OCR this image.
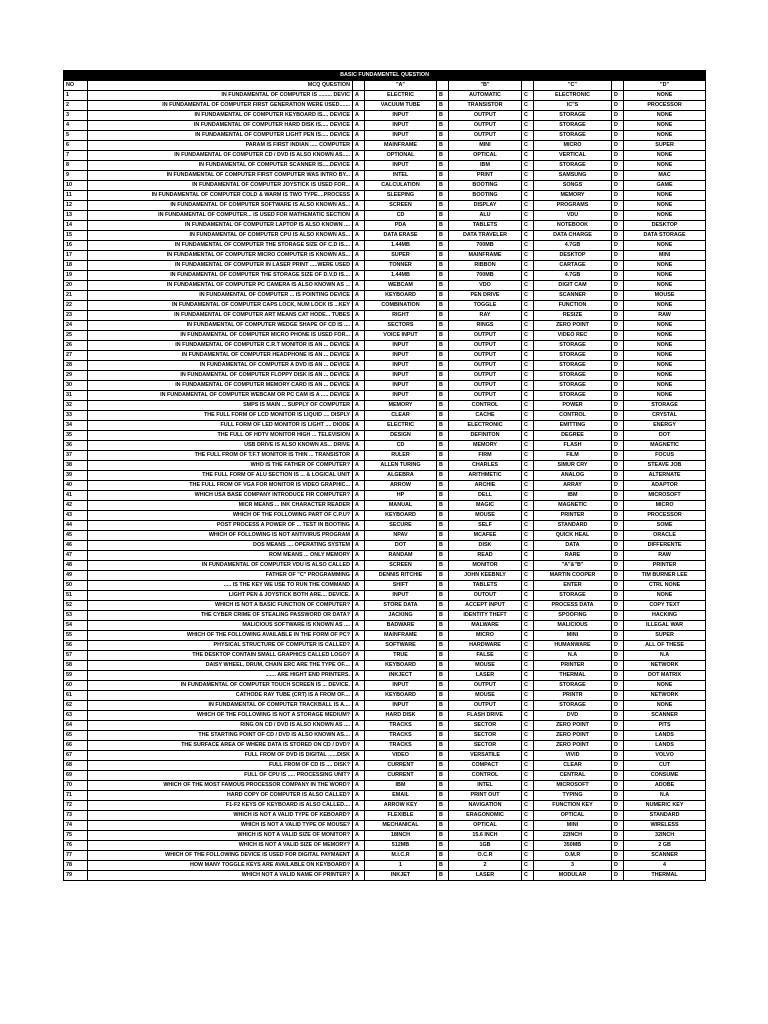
BASIC FUNDAMENTEL QUESTION									
NO	MCQ QUESTION		"A"		"B"		"C"		"D"
1	IN FUNDAMENTAL OF COMPUTER IS ......... DEVIC	A	ELECTRIC	B	AUTOMATIC	C	ELECTRONIC	D	NONE
2	IN FUNDAMENTAL OF COMPUTER FIRST GENERATION WERE USED.......	A	VACUUM TUBE	B	TRANSISTOR	C	IC"S	D	PROCESSOR
3	IN FUNDAMENTAL OF COMPUTER KEYBOARD IS.... DEVICE	A	INPUT	B	OUTPUT	C	STORAGE	D	NONE
4	IN FUNDAMENTAL OF COMPUTER HARD DISK IS..... DEVICE	A	INPUT	B	OUTPUT	C	STORAGE	D	NONE
5	IN FUNDAMENTAL OF COMPUTER LIGHT PEN IS..... DEVICE	A	INPUT	B	OUTPUT	C	STORAGE	D	NONE
6	PARAM IS FIRST INDIAN ..... COMPUTER	A	MAINFRAME	B	MINI	C	MICRO	D	SUPER
7	IN FUNDAMENTAL OF COMPUTER CD / DVD IS ALSO KNOWN AS.....	A	OPTIONAL	B	OPTICAL	C	VERTICAL	D	NONE
8	IN FUNDAMENTAL OF COMPUTER SCANNER IS.....DEVICE	A	INPUT	B	IBM	C	STORAGE	D	NONE
9	IN FUNDAMENTAL OF COMPUTER FIRST COMPUTER WAS INTRO BY...	A	INTEL	B	PRINT	C	SAMSUNG	D	MAC
10	IN FUNDAMENTAL OF COMPUTER JOYSTICK IS USED FOR...	A	CALCULATION	B	BOOTING	C	SONGS	D	GAME
11	IN FUNDAMENTAL OF COMPUTER COLD & WARM IS TWO TYPE....PROCESS	A	SLEEPING	B	BOOTING	C	MEMORY	D	NONE
12	IN FUNDAMENTAL OF COMPUTER SOFTWARE IS ALSO KNOWN AS...	A	SCREEN	B	DISPLAY	C	PROGRAMS	D	NONE
13	IN FUNDAMENTAL OF COMPUTER... IS USED FOR MATHEMATIC SECTION	A	CD	B	ALU	C	VDU	D	NONE
14	IN FUNDAMENTAL OF COMPUTER LAPTOP IS ALSO KNOWN ....	A	PDA	B	TABLETS	C	NOTEBOOK	D	DESKTOP
15	IN FUNDAMENTAL OF COMPUTER CPU IS ALSO KNOWN AS...	A	DATA ERASE	B	DATA TRAVELER	C	DATA CHARGE	D	DATA STORAGE
16	IN FUNDAMENTAL OF COMPUTER THE STORAGE SIZE OF C.D IS....	A	1.44MB	B	700MB	C	4.7GB	D	NONE
17	IN FUNDAMENTAL OF COMPUTER MICRO COMPUTER IS KNOWN AS...	A	SUPER	B	MAINFRAME	C	DESKTOP	D	MINI
18	IN FUNDAMENTAL OF COMPUTER IN LASER PRINT .....WERE USED	A	TONNER	B	RIBBON	C	CARTAGE	D	NONE
19	IN FUNDAMENTAL OF COMPUTER THE STORAGE SIZE OF D.V.D IS....	A	1.44MB	B	700MB	C	4.7GB	D	NONE
20	IN FUNDAMENTAL OF COMPUTER PC CAMERA IS ALSO KNOWN AS ...	A	WEBCAM	B	VDO	C	DIGIT CAM	D	NONE
21	IN FUNDAMENTAL OF COMPUTER ... IS POINTING DEVICE	A	KEYBOARD	B	PEN DRIVE	C	SCANNER	D	MOUSE
22	IN FUNDAMENTAL OF COMPUTER CAPS LOCK, NUM LOCK IS ...KEY	A	COMBINATION	B	TOGGLE	C	FUNCTION	D	NONE
23	IN FUNDAMENTAL OF COMPUTER ART MEANS CAT HODE... TUBES	A	RIGHT	B	RAY	C	RESIZE	D	RAW
24	IN FUNDAMENTAL OF COMPUTER WEDGE SHAPE OF CD IS ....	A	SECTORS	B	RINGS	C	ZERO POINT	D	NONE
25	IN FUNDAMENTAL OF COMPUTER MICRO PHONE IS USED FOR...	A	VOICE INPUT	B	OUTPUT	C	VIDEO REC	D	NONE
26	IN FUNDAMENTAL OF COMPUTER C.R.T MONITOR IS AN ... DEVICE	A	INPUT	B	OUTPUT	C	STORAGE	D	NONE
27	IN FUNDAMENTAL OF COMPUTER HEADPHONE IS AN ... DEVICE	A	INPUT	B	OUTPUT	C	STORAGE	D	NONE
28	IN FUNDAMENTAL OF COMPUTER A DVD IS AN ... DEVICE	A	INPUT	B	OUTPUT	C	STORAGE	D	NONE
29	IN FUNDAMENTAL OF COMPUTER FLOPPY DISK IS AN ... DEVICE	A	INPUT	B	OUTPUT	C	STORAGE	D	NONE
30	IN FUNDAMENTAL OF COMPUTER MEMORY CARD IS AN ... DEVICE	A	INPUT	B	OUTPUT	C	STORAGE	D	NONE
31	IN FUNDAMENTAL OF COMPUTER WEBCAM OR PC CAM IS A ..... DEVICE	A	INPUT	B	OUTPUT	C	STORAGE	D	NONE
32	SMPS IS MAIN ... SUPPLY OF COMPUTER	A	MEMORY	B	CONTROL	C	POWER	D	STORAGE
33	THE FULL FORM OF LCD MONITOR IS LIQUID .... DISPLY	A	CLEAR	B	CACHE	C	CONTROL	D	CRYSTAL
34	FULL FORM OF LED MONITOR IS LIGHT .... DIODE	A	ELECTRIC	B	ELECTRONIC	C	EMITTING	D	ENERGY
35	THE FULL OF HDTV MONITOR HIGH ... TELEVISION	A	DESIGN	B	DEFINITON	C	DEGREE	D	DOT
36	USB DRIVE IS ALSO KNOWN AS... DRIVE	A	CD	B	MEMORY	C	FLASH	D	MAGNETIC
37	THE FULL FROM OF T.F.T MONITOR IS THIN ... TRANSISTOR	A	RULER	B	FIRM	C	FILM	D	FOCUS
38	WHO IS THE FATHER OF COMPUTER?	A	ALLEN TURING	B	CHARLES	C	SIMUR CRY	D	STEAVE JOB
39	THE FULL FORM OF ALU SECTION IS ... & LOGICAL UNIT	A	ALGEBRA	B	ARITHMETIC	C	ANALOG	D	ALTERNATE
40	THE FULL FROM OF VGA FOR MONITOR IS VIDEO GRAPHIC...	A	ARROW	B	ARCHIE	C	ARRAY	D	ADAPTOR
41	WHICH USA BASE COMPANY INTRODUCE FIR COMPUTER?	A	HP	B	DELL	C	IBM	D	MICROSOFT
42	MICR MEANS ... INK CHARACTER READER	A	MANUAL	B	MAGIC	C	MAGNETIC	D	MICRO
43	WHICH OF THE FOLLOWING PART OF C.P.U?	A	KEYBOARD	B	MOUSE	C	PRINTER	D	PROCESSOR
44	POST PROCESS A POWER OF ... TEST IN BOOTING	A	SECURE	B	SELF	C	STANDARD	D	SOME
45	WHICH OF FOLLOWING IS NOT ANTIVIRUS PROGRAM	A	NPAV	B	MCAFEE	C	QUICK HEAL	D	ORACLE
46	DOS MEANS .... OPERATING SYSTEM	A	DOT	B	DISK	C	DATA	D	DIFFERENTE
47	ROM MEANS ... ONLY MEMORY	A	RANDAM	B	READ	C	RARE	D	RAW
48	IN FUNDAMENTAL OF COMPUTER VDU IS ALSO CALLED	A	SCREEN	B	MONITOR	C	"A"&"B"	D	PRINTER
49	FATHER OF "C" PROGRAMMING	A	DENNIS RITCHIE	B	JOHN KEEBNLY	C	MARTIN COOPER	D	TIM BURNER LEE
50	..... IS THE KEY WE USE TO RUN THE COMMAND	A	SHIFT	B	TABLETS	C	ENTER	D	CTRL NONE
51	LIGHT PEN & JOYSTICK BOTH ARE.... DEVICE.	A	INPUT	B	OUTOUT	C	STORAGE	D	NONE
52	WHICH IS NOT A BASIC FUNCTION OF COMPUTER?	A	STORE DATA	B	ACCEPT INPUT	C	PROCESS DATA	D	COPY TEXT
53	THE CYBER CRIME OF STEALING PASSWORD OR DATA?	A	JACKING	B	IDENTITY THEFT	C	SPOOFING	D	HACKING
54	MALICIOUS SOFTWARE IS KNOWN AS ....	A	BADWARE	B	MALWARE	C	MALICIOUS	D	ILLEGAL WAR
55	WHICH OF THE FOLLOWING AVAILABLE IN THE FORM OF PC?	A	MAINFRAME	B	MICRO	C	MINI	D	SUPER
56	PHYSICAL STRUCTURE OF COMPUTER IS CALLED?	A	SOFTWARE	B	HARDWARE	C	HUMANWARE	D	ALL OF THESE
57	THE DESKTOP CONTAIN SMALL GRAPHICS CALLED LOGO?	A	TRUE	B	FALSE	C	N.A	D	N.A
58	DAISY WHEEL, DRUM, CHAIN ERC ARE THE TYPE OF....	A	KEYBOARD	B	MOUSE	C	PRINTER	D	NETWORK
59	....... ARE HIGHT END PRINTERS.	A	INKJECT	B	LASER	C	THERMAL	D	DOT MATRIX
60	IN FUNDAMENTAL OF COMPUTER TOUCH SCREEN IS ... DEVICE.	A	INPUT	B	OUTPUT	C	STORAGE	D	NONE
61	CATHODE RAY TUBE (CRT) IS A FROM OF....	A	KEYBOARD	B	MOUSE	C	PRINTR	D	NETWORK
62	IN FUNDAMENTAL OF COMPUTER TRACKBALL IS A....	A	INPUT	B	OUTPUT	C	STORAGE	D	NONE
63	WHICH OF THE FOLLOWING IS NOT A STORAGE MEDIUM?	A	HARD DISK	B	FLASH DRIVE	C	DVD	D	SCANNER
64	RING ON CD / DVD IS ALSO KNOWN AS ....	A	TRACKS	B	SECTOR	C	ZERO POINT	D	PITS
65	THE STARTING POINT OF CD / DVD IS ALSO KNOWN AS....	A	TRACKS	B	SECTOR	C	ZERO POINT	D	LANDS
66	THE SURFACE AREA OF WHERE DATA IS STORED ON CD / DVD?	A	TRACKS	B	SECTOR	C	ZERO POINT	D	LANDS
67	FULL FROM OF DVD IS DIGITAL ......DISK	A	VIDEO	B	VERSATILE	C	VIVID	D	VOLVO
68	FULL FROM OF CD IS .... DISK?	A	CURRENT	B	COMPACT	C	CLEAR	D	CUT
69	FULL OF CPU IS ..... PROCESSING UNIT?	A	CURRENT	B	CONTROL	C	CENTRAL	D	CONSUME
70	WHICH OF THE MOST FAMOUS PROCESSOR COMPANY IN THE WORD?	A	IBM	B	INTEL	C	MICROSOFT	D	ADOBE
71	HARD COPY OF COMPUTER IS ALSO CALLED?	A	EMAIL	B	PRINT OUT	C	TYPING	D	N.A
72	F1-F2 KEYS OF KEYBOARD IS ALSO CALLED....	A	ARROW KEY	B	NAVIGATION	C	FUNCTION KEY	D	NUMERIC KEY
73	WHICH IS NOT A VALID TYPE OF KEBOARD?	A	FLEXIBLE	B	ERAGONOMIC	C	OPTICAL	D	STANDARD
74	WHICH IS NOT A VALID TYPE OF MOUSE?	A	MECHANICAL	B	OPTICAL	C	MINI	D	WIRELESS
75	WHICH IS NOT A VALID SIZE OF MONITOR?	A	18INCH	B	15.6 INCH	C	22INCH	D	32INCH
76	WHICH IS NOT A VALID SIZE OF MEMORY?	A	512MB	B	1GB	C	350MB	D	2 GB
77	WHICH OF THE FOLLOWING DEVICE IS USED FOR DIGITAL PAYMAENT	A	M.I.C.R	B	O.C.R	C	O.M.R	D	SCANNER
78	HOW MANY TOGGLE KEYS ARE AVAILABLE ON KEYBOARD?	A	1	B	2	C	3	D	4
79	WHICH NOT A VALID NAME OF PRINTER?	A	INKJET	B	LASER	C	MODULAR	D	THERMAL
